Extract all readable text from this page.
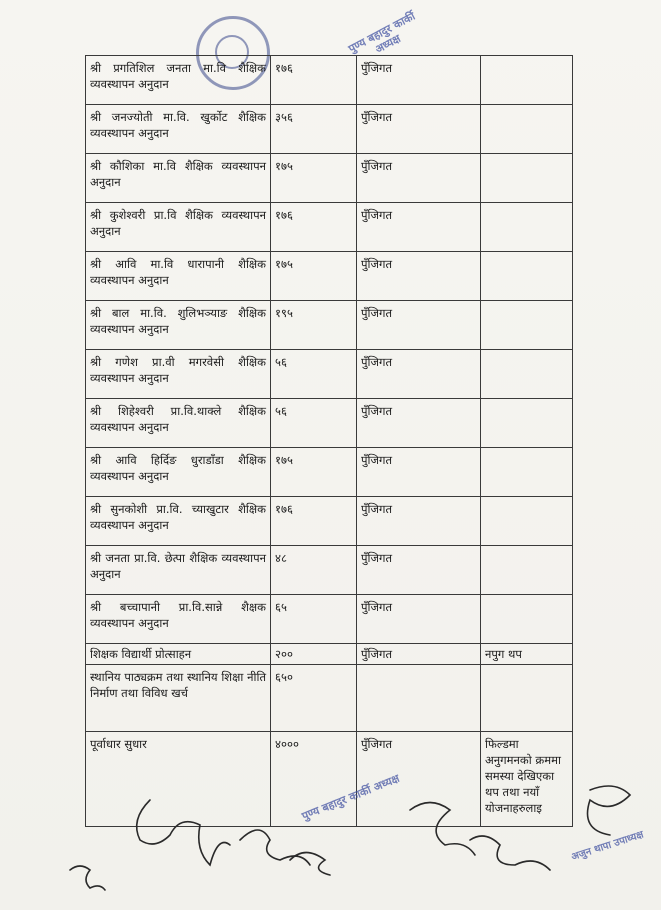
पुण्य बहादुर कार्की अध्यक्ष
श्री प्रगतिशिल जनता मा.वि शैक्षिक व्यवस्थापन अनुदान	१७६	पुँजिगत	
श्री जनज्योती मा.वि. खुर्कोट शैक्षिक व्यवस्थापन अनुदान	३५६	पुँजिगत	
श्री कौशिका मा.वि शैक्षिक व्यवस्थापन अनुदान	१७५	पुँजिगत	
श्री कुशेश्वरी प्रा.वि शैक्षिक व्यवस्थापन अनुदान	१७६	पुँजिगत	
श्री आवि मा.वि धारापानी शैक्षिक व्यवस्थापन अनुदान	१७५	पुँजिगत	
श्री बाल मा.वि. शुलिभञ्याङ शैक्षिक व्यवस्थापन अनुदान	१९५	पुँजिगत	
श्री गणेश प्रा.वी मगरवेसी शैक्षिक व्यवस्थापन अनुदान	५६	पुँजिगत	
श्री शिहेश्वरी प्रा.वि.थाक्ले शैक्षिक व्यवस्थापन अनुदान	५६	पुँजिगत	
श्री आवि हिर्दिङ धुराडाँडा शैक्षिक व्यवस्थापन अनुदान	१७५	पुँजिगत	
श्री सुनकोशी प्रा.वि. च्याखुटार शैक्षिक व्यवस्थापन अनुदान	१७६	पुँजिगत	
श्री जनता प्रा.वि. छेत्पा शैक्षिक व्यवस्थापन अनुदान	४८	पुँजिगत	
श्री बच्चापानी प्रा.वि.सान्ने शैक्षक व्यवस्थापन अनुदान	६५	पुँजिगत	
शिक्षक विद्यार्थी प्रोत्साहन	२००	पुँजिगत	नपुग थप
स्थानिय पाठ्यक्रम तथा स्थानिय शिक्षा नीति निर्माण तथा विविध खर्च	६५०		
पूर्वाधार सुधार	४०००	पुँजिगत	फिल्डमा अनुगमनको क्रममा समस्या देखिएका थप तथा नयाँ योजनाहरुलाइ
पुण्य बहादुर कार्की अध्यक्ष
अजुन थापा उपाध्यक्ष
